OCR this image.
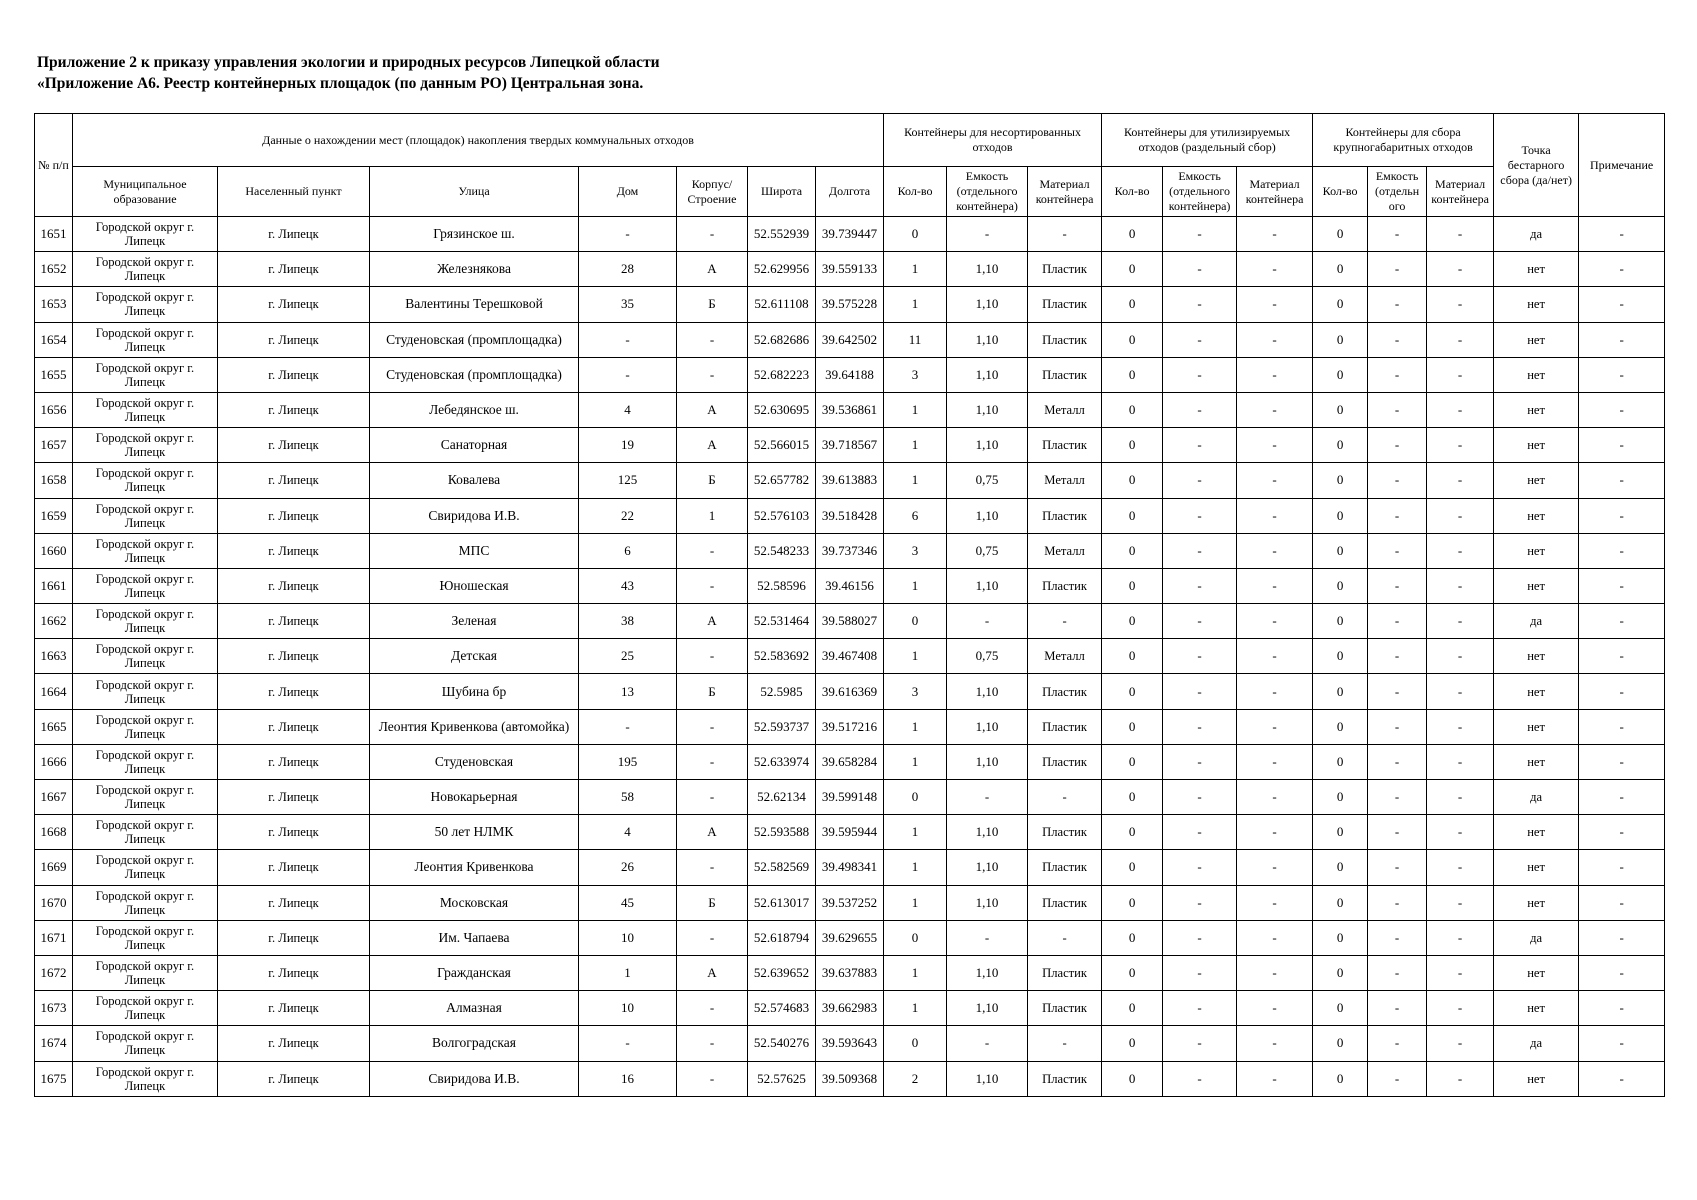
Приложение 2 к приказу управления экологии и природных ресурсов Липецкой области
«Приложение А6. Реестр контейнерных площадок (по данным РО) Центральная зона.
№ п/п	Данные о нахождении мест (площадок) накопления твердых коммунальных отходов							Контейнеры для несортированных отходов			Контейнеры для утилизируемых отходов (раздельный сбор)			Контейнеры для сбора крупногабаритных отходов			Точка бестарного сбора (да/нет)	Примечание
	Муниципальное образование	Населенный пункт	Улица	Дом	Корпус/ Строение	Широта	Долгота	Кол-во	Емкость (отдельного контейнера)	Материал контейнера	Кол-во	Емкость (отдельного контейнера)	Материал контейнера	Кол-во	Емкость (отдельн ого	Материал контейнера		
1651	Городской округ г. Липецк	г. Липецк	Грязинское ш.	-	-	52.552939	39.739447	0	-	-	0	-	-	0	-	-	да	-
1652	Городской округ г. Липецк	г. Липецк	Железнякова	28	А	52.629956	39.559133	1	1,10	Пластик	0	-	-	0	-	-	нет	-
1653	Городской округ г. Липецк	г. Липецк	Валентины Терешковой	35	Б	52.611108	39.575228	1	1,10	Пластик	0	-	-	0	-	-	нет	-
1654	Городской округ г. Липецк	г. Липецк	Студеновская (промплощадка)	-	-	52.682686	39.642502	11	1,10	Пластик	0	-	-	0	-	-	нет	-
1655	Городской округ г. Липецк	г. Липецк	Студеновская (промплощадка)	-	-	52.682223	39.64188	3	1,10	Пластик	0	-	-	0	-	-	нет	-
1656	Городской округ г. Липецк	г. Липецк	Лебедянское ш.	4	А	52.630695	39.536861	1	1,10	Металл	0	-	-	0	-	-	нет	-
1657	Городской округ г. Липецк	г. Липецк	Санаторная	19	А	52.566015	39.718567	1	1,10	Пластик	0	-	-	0	-	-	нет	-
1658	Городской округ г. Липецк	г. Липецк	Ковалева	125	Б	52.657782	39.613883	1	0,75	Металл	0	-	-	0	-	-	нет	-
1659	Городской округ г. Липецк	г. Липецк	Свиридова И.В.	22	1	52.576103	39.518428	6	1,10	Пластик	0	-	-	0	-	-	нет	-
1660	Городской округ г. Липецк	г. Липецк	МПС	6	-	52.548233	39.737346	3	0,75	Металл	0	-	-	0	-	-	нет	-
1661	Городской округ г. Липецк	г. Липецк	Юношеская	43	-	52.58596	39.46156	1	1,10	Пластик	0	-	-	0	-	-	нет	-
1662	Городской округ г. Липецк	г. Липецк	Зеленая	38	А	52.531464	39.588027	0	-	-	0	-	-	0	-	-	да	-
1663	Городской округ г. Липецк	г. Липецк	Детская	25	-	52.583692	39.467408	1	0,75	Металл	0	-	-	0	-	-	нет	-
1664	Городской округ г. Липецк	г. Липецк	Шубина бр	13	Б	52.5985	39.616369	3	1,10	Пластик	0	-	-	0	-	-	нет	-
1665	Городской округ г. Липецк	г. Липецк	Леонтия Кривенкова (автомойка)	-	-	52.593737	39.517216	1	1,10	Пластик	0	-	-	0	-	-	нет	-
1666	Городской округ г. Липецк	г. Липецк	Студеновская	195	-	52.633974	39.658284	1	1,10	Пластик	0	-	-	0	-	-	нет	-
1667	Городской округ г. Липецк	г. Липецк	Новокарьерная	58	-	52.62134	39.599148	0	-	-	0	-	-	0	-	-	да	-
1668	Городской округ г. Липецк	г. Липецк	50 лет НЛМК	4	А	52.593588	39.595944	1	1,10	Пластик	0	-	-	0	-	-	нет	-
1669	Городской округ г. Липецк	г. Липецк	Леонтия Кривенкова	26	-	52.582569	39.498341	1	1,10	Пластик	0	-	-	0	-	-	нет	-
1670	Городской округ г. Липецк	г. Липецк	Московская	45	Б	52.613017	39.537252	1	1,10	Пластик	0	-	-	0	-	-	нет	-
1671	Городской округ г. Липецк	г. Липецк	Им. Чапаева	10	-	52.618794	39.629655	0	-	-	0	-	-	0	-	-	да	-
1672	Городской округ г. Липецк	г. Липецк	Гражданская	1	А	52.639652	39.637883	1	1,10	Пластик	0	-	-	0	-	-	нет	-
1673	Городской округ г. Липецк	г. Липецк	Алмазная	10	-	52.574683	39.662983	1	1,10	Пластик	0	-	-	0	-	-	нет	-
1674	Городской округ г. Липецк	г. Липецк	Волгоградская	-	-	52.540276	39.593643	0	-	-	0	-	-	0	-	-	да	-
1675	Городской округ г. Липецк	г. Липецк	Свиридова И.В.	16	-	52.57625	39.509368	2	1,10	Пластик	0	-	-	0	-	-	нет	-
